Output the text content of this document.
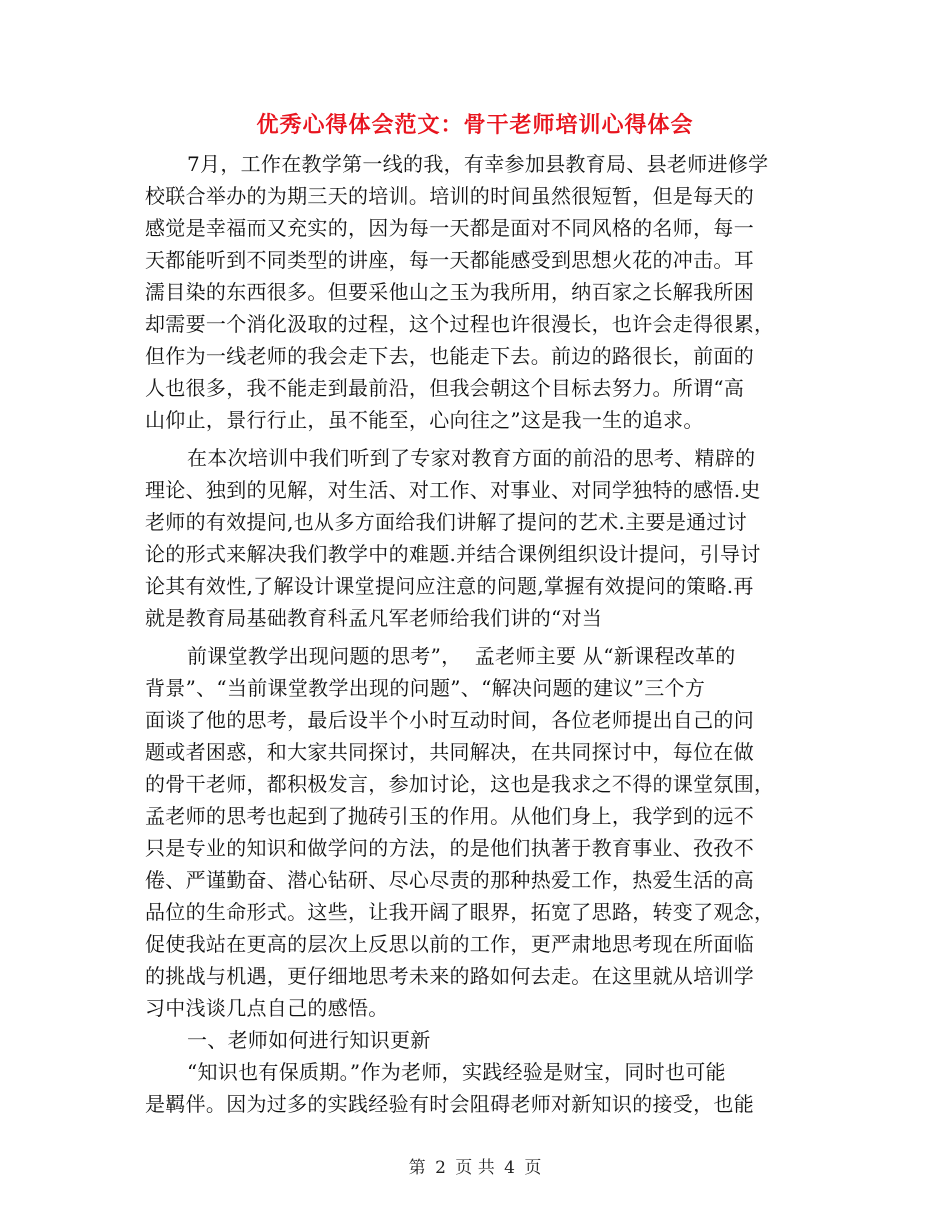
优秀心得体会范文：骨干老师培训心得体会
7月，工作在教学第一线的我，有幸参加县教育局、县老师进修学
校联合举办的为期三天的培训。培训的时间虽然很短暂，但是每天的
感觉是幸福而又充实的，因为每一天都是面对不同风格的名师，每一
天都能听到不同类型的讲座，每一天都能感受到思想火花的冲击。耳
濡目染的东西很多。但要采他山之玉为我所用，纳百家之长解我所困
却需要一个消化汲取的过程，这个过程也许很漫长，也许会走得很累，
但作为一线老师的我会走下去，也能走下去。前边的路很长，前面的
人也很多，我不能走到最前沿，但我会朝这个目标去努力。所谓“高
山仰止，景行行止，虽不能至，心向往之”这是我一生的追求。
在本次培训中我们听到了专家对教育方面的前沿的思考、精辟的
理论、独到的见解，对生活、对工作、对事业、对同学独特的感悟.史
老师的有效提问,也从多方面给我们讲解了提问的艺术.主要是通过讨
论的形式来解决我们教学中的难题.并结合课例组织设计提问，引导讨
论其有效性,了解设计课堂提问应注意的问题,掌握有效提问的策略.再
就是教育局基础教育科孟凡军老师给我们讲的“对当
前课堂教学出现问题的思考”，  孟老师主要 从“新课程改革的
背景”、“当前课堂教学出现的问题”、“解决问题的建议”三个方
面谈了他的思考，最后设半个小时互动时间，各位老师提出自己的问
题或者困惑，和大家共同探讨，共同解决，在共同探讨中，每位在做
的骨干老师，都积极发言，参加讨论，这也是我求之不得的课堂氛围，
孟老师的思考也起到了抛砖引玉的作用。从他们身上，我学到的远不
只是专业的知识和做学问的方法，的是他们执著于教育事业、孜孜不
倦、严谨勤奋、潜心钻研、尽心尽责的那种热爱工作，热爱生活的高
品位的生命形式。这些，让我开阔了眼界，拓宽了思路，转变了观念，
促使我站在更高的层次上反思以前的工作，更严肃地思考现在所面临
的挑战与机遇，更仔细地思考未来的路如何去走。在这里就从培训学
习中浅谈几点自己的感悟。
一、老师如何进行知识更新
“知识也有保质期。”作为老师，实践经验是财宝，同时也可能
是羁伴。因为过多的实践经验有时会阻碍老师对新知识的接受，也能
第 2 页 共 4 页
